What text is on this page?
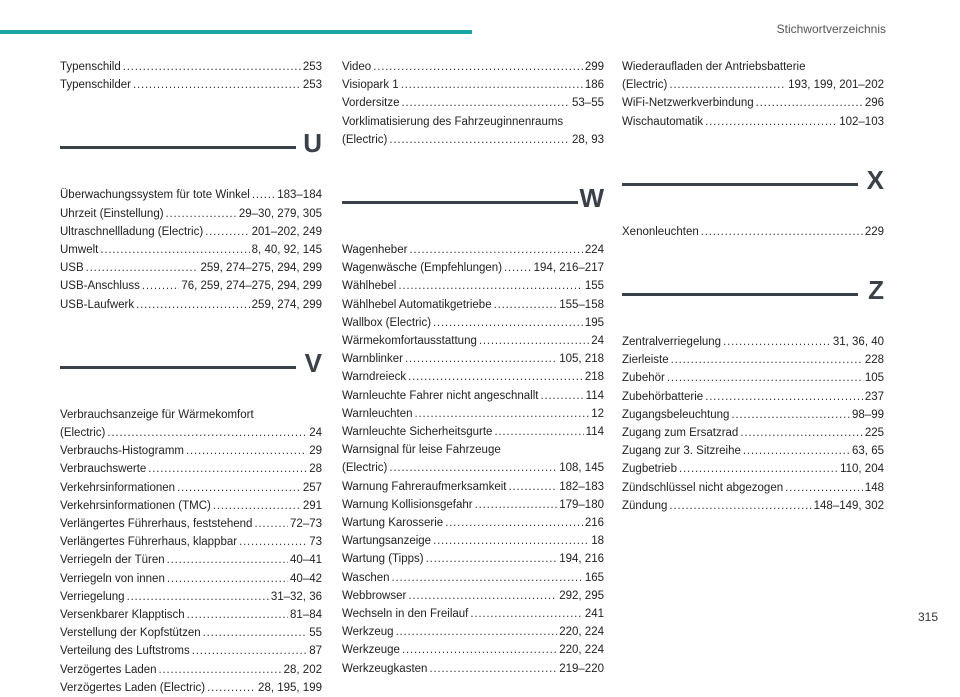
Stichwortverzeichnis
Typenschild . . .	253
Typenschilder . . .	253
U
Überwachungssystem für tote Winkel . . . 183–184
Uhrzeit (Einstellung) . . .	29–30, 279, 305
Ultraschnellladung (Electric) . . .	201–202, 249
Umwelt . . .	8, 40, 92, 145
USB . . .	259, 274–275, 294, 299
USB-Anschluss . . .	76, 259, 274–275, 294, 299
USB-Laufwerk . . .	259, 274, 299
V
Verbrauchsanzeige für Wärmekomfort
(Electric) . . .	24
Verbrauchs-Histogramm . . .	29
Verbrauchswerte . . .	28
Verkehrsinformationen . . .	257
Verkehrsinformationen (TMC) . . .	291
Verlängertes Führerhaus, feststehend . . .	72–73
Verlängertes Führerhaus, klappbar . . .	73
Verriegeln der Türen . . .	40–41
Verriegeln von innen . . .	40–42
Verriegelung . . .	31–32, 36
Versenkbarer Klapptisch . . .	81–84
Verstellung der Kopfstützen . . .	55
Verteilung des Luftstroms . . .	87
Verzögertes Laden . . .	28, 202
Verzögertes Laden (Electric) . . .	28, 195, 199
Video . . .	299
Visiopark 1 . . .	186
Vordersitze . . .	53–55
Vorklimatisierung des Fahrzeuginnenraums
(Electric) . . .	28, 93
W
Wagenheber . . .	224
Wagenwäsche (Empfehlungen) . . .	194, 216–217
Wählhebel . . .	155
Wählhebel Automatikgetriebe . . .	155–158
Wallbox (Electric) . . .	195
Wärmekomfortausstattung . . .	24
Warnblinker . . .	105, 218
Warndreieck . . .	218
Warnleuchte Fahrer nicht angeschnallt . . .	114
Warnleuchten . . .	12
Warnleuchte Sicherheitsgurte . . .	114
Warnsignal für leise Fahrzeuge
(Electric) . . .	108, 145
Warnung Fahreraufmerksamkeit . . .	182–183
Warnung Kollisionsgefahr . . .	179–180
Wartung Karosserie . . .	216
Wartungsanzeige . . .	18
Wartung (Tipps) . . .	194, 216
Waschen . . .	165
Webbrowser . . .	292, 295
Wechseln in den Freilauf . . .	241
Werkzeug . . .	220, 224
Werkzeuge . . .	220, 224
Werkzeugkasten . . .	219–220
Wiederaufladen der Antriebsbatterie
(Electric) . . .	193, 199, 201–202
WiFi-Netzwerkverbindung . . .	296
Wischautomatik . . .	102–103
X
Xenonleuchten . . .	229
Z
Zentralverriegelung . . .	31, 36, 40
Zierleiste . . .	228
Zubehör . . .	105
Zubehörbatterie . . .	237
Zugangsbeleuchtung . . .	98–99
Zugang zum Ersatzrad . . .	225
Zugang zur 3. Sitzreihe . . .	63, 65
Zugbetrieb . . .	110, 204
Zündschlüssel nicht abgezogen . . .	148
Zündung . . .	148–149, 302
315
